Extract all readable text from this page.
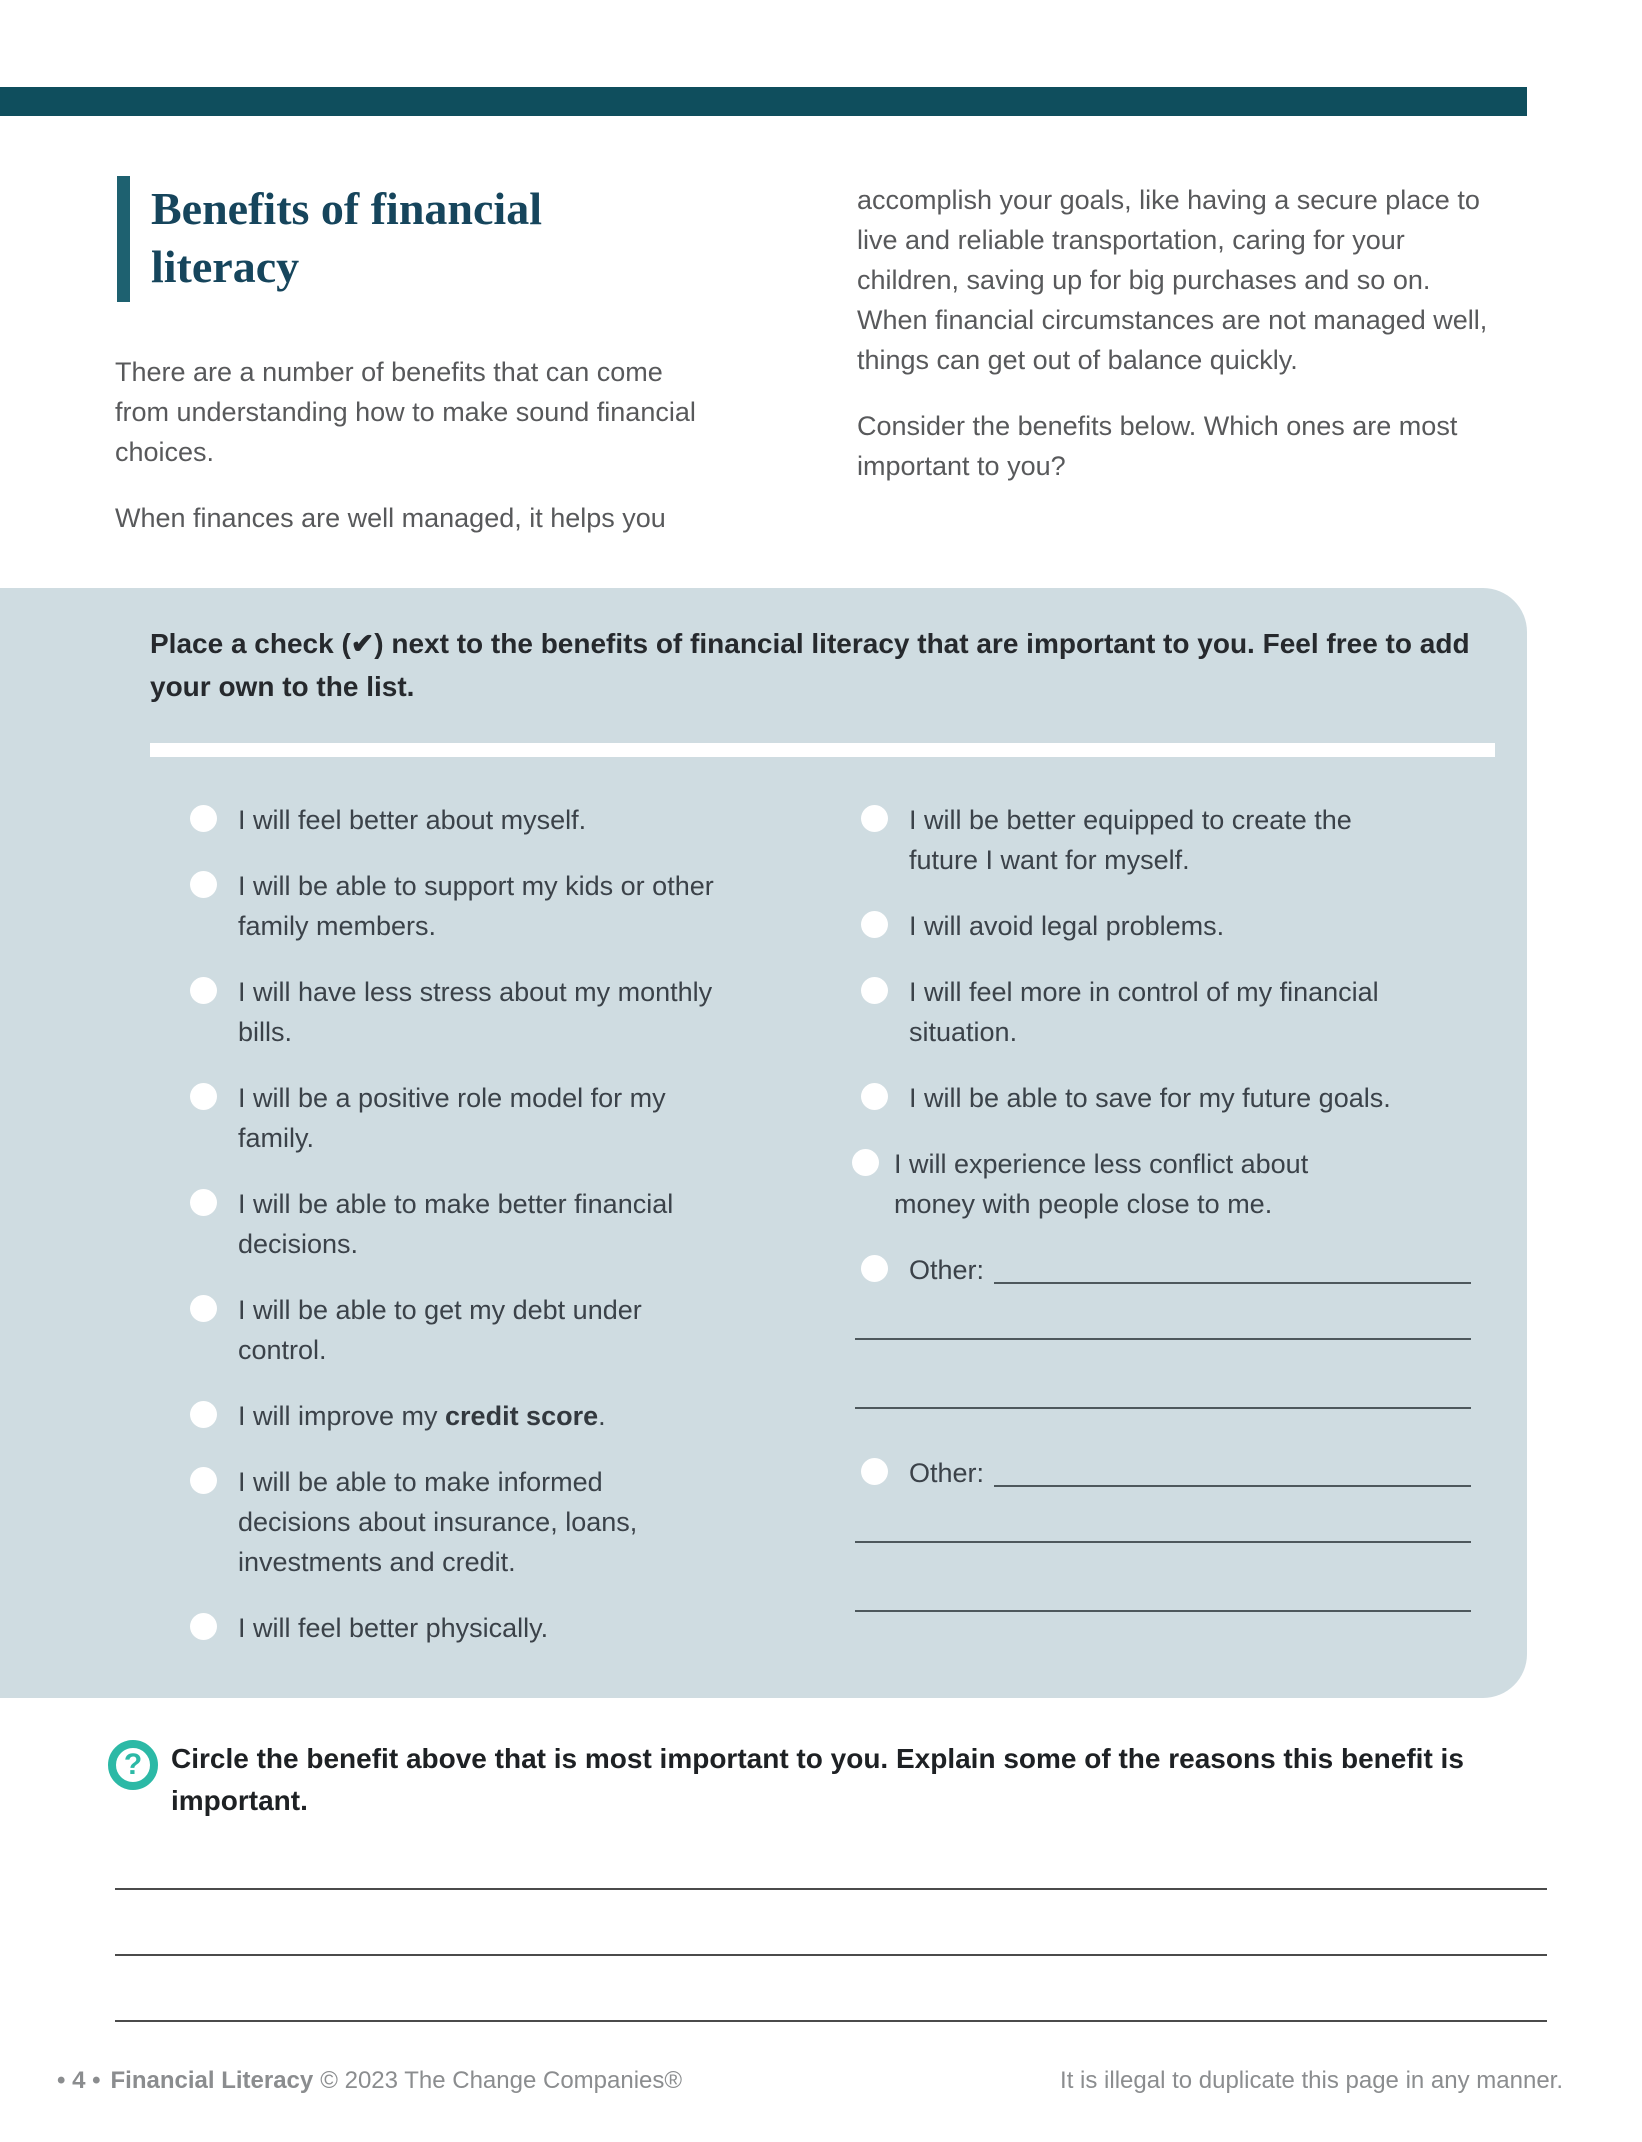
Benefits of financial
literacy

There are a number of benefits that can come from understanding how to make sound financial choices.

When finances are well managed, it helps you

accomplish your goals, like having a secure place to live and reliable transportation, caring for your children, saving up for big purchases and so on. When financial circumstances are not managed well, things can get out of balance quickly.

Consider the benefits below. Which ones are most important to you?

Place a check (✔) next to the benefits of financial literacy that are important to you. Feel free to add your own to the list.

I will feel better about myself.
I will be able to support my kids or other family members.
I will have less stress about my monthly bills.
I will be a positive role model for my family.
I will be able to make better financial decisions.
I will be able to get my debt under control.
I will improve my credit score.
I will be able to make informed decisions about insurance, loans, investments and credit.
I will feel better physically.
I will be better equipped to create the future I want for myself.
I will avoid legal problems.
I will feel more in control of my financial situation.
I will be able to save for my future goals.
I will experience less conflict about money with people close to me.
Other:
Other:
? Circle the benefit above that is most important to you. Explain some of the reasons this benefit is important.

• 4 • Financial Literacy © 2023 The Change Companies®	It is illegal to duplicate this page in any manner.
